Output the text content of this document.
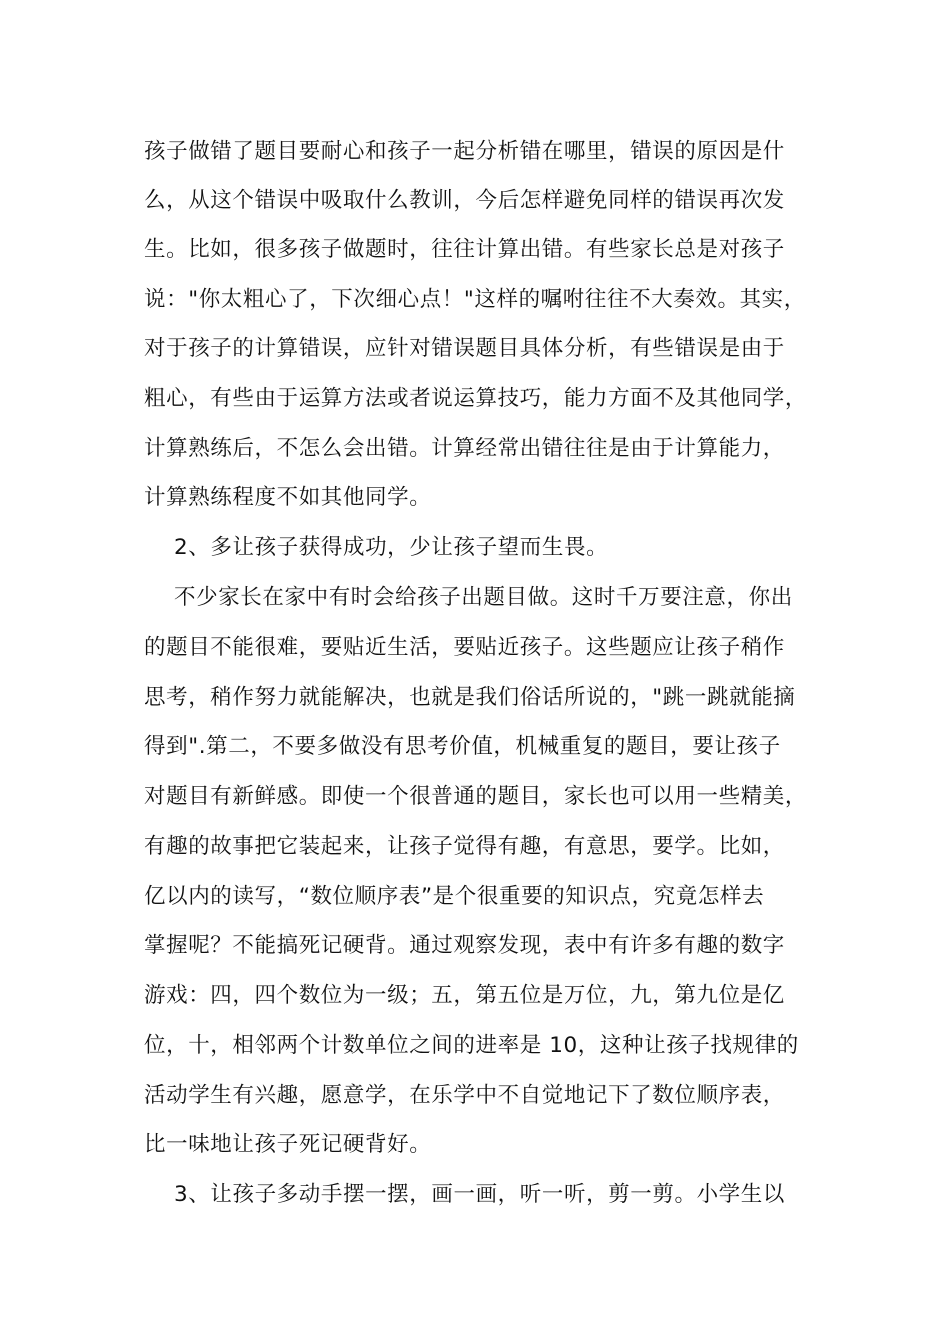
孩子做错了题目要耐心和孩子一起分析错在哪里，错误的原因是什
么，从这个错误中吸取什么教训，今后怎样避免同样的错误再次发
生。比如，很多孩子做题时，往往计算出错。有些家长总是对孩子
说："你太粗心了，下次细心点！"这样的嘱咐往往不大奏效。其实，
对于孩子的计算错误，应针对错误题目具体分析，有些错误是由于
粗心，有些由于运算方法或者说运算技巧，能力方面不及其他同学，
计算熟练后，不怎么会出错。计算经常出错往往是由于计算能力，
计算熟练程度不如其他同学。
2、多让孩子获得成功，少让孩子望而生畏。
不少家长在家中有时会给孩子出题目做。这时千万要注意，你出
的题目不能很难，要贴近生活，要贴近孩子。这些题应让孩子稍作
思考，稍作努力就能解决，也就是我们俗话所说的，"跳一跳就能摘
得到".第二，不要多做没有思考价值，机械重复的题目，要让孩子
对题目有新鲜感。即使一个很普通的题目，家长也可以用一些精美，
有趣的故事把它装起来，让孩子觉得有趣，有意思，要学。比如，
亿以内的读写，“数位顺序表”是个很重要的知识点，究竟怎样去
掌握呢？不能搞死记硬背。通过观察发现，表中有许多有趣的数字
游戏：四，四个数位为一级；五，第五位是万位，九，第九位是亿
位，十，相邻两个计数单位之间的进率是 10，这种让孩子找规律的
活动学生有兴趣，愿意学，在乐学中不自觉地记下了数位顺序表，
比一味地让孩子死记硬背好。
3、让孩子多动手摆一摆，画一画，听一听，剪一剪。小学生以
